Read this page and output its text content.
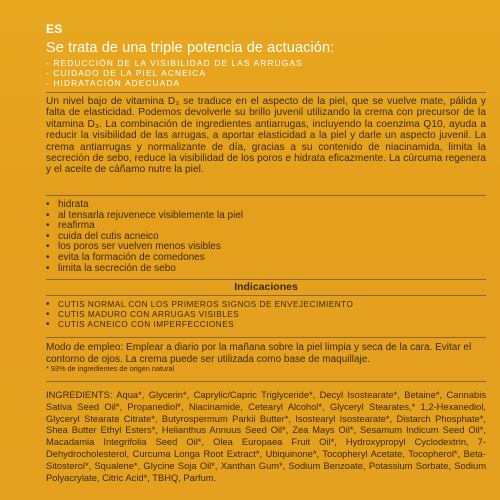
ES
Se trata de una triple potencia de actuación:
- REDUCCIÓN DE LA VISIBILIDAD DE LAS ARRUGAS
- CUIDADO DE LA PIEL ACNEICA
- HIDRATACIÓN ADECUADA
Un nivel bajo de vitamina D₃ se traduce en el aspecto de la piel, que se vuelve mate, pálida y falta de elasticidad. Podemos devolverle su brillo juvenil utilizando la crema con precursor de la vitamina D₃. La combinación de ingredientes antiarrugas, incluyendo la coenzima Q10, ayuda a reducir la visibilidad de las arrugas, a aportar elasticidad a la piel y darle un aspecto juvenil. La crema antiarrugas y normalizante de día, gracias a su contenido de niacinamida, limita la secreción de sebo, reduce la visibilidad de los poros e hidrata eficazmente. La cúrcuma regenera y el aceite de cáñamo nutre la piel.
• hidrata
• al tensarla rejuvenece visiblemente la piel
• reafirma
• cuida del cutis acneico
• los poros ser vuelven menos visibles
• evita la formación de comedones
• limita la secreción de sebo
Indicaciones
• CUTIS NORMAL CON LOS PRIMEROS SIGNOS DE ENVEJECIMIENTO
• CUTIS MADURO CON ARRUGAS VISIBLES
• CUTIS ACNEICO CON IMPERFECCIONES
Modo de empleo: Emplear a diario por la mañana sobre la piel limpia y seca de la cara. Evitar el contorno de ojos. La crema puede ser utilizada como base de maquillaje.
* 93% de ingredientes de origen natural
INGREDIENTS: Aqua*, Glycerin*, Caprylic/Capric Triglyceride*, Decyl Isostearate*, Betaine*, Cannabis Sativa Seed Oil*, Propanediol*, Niacinamide, Cetearyl Alcohol*, Glyceryl Stearates,* 1,2-Hexanediol, Glyceryl Stearate Citrate*, Butyrospermum Parkii Butter*, Isostearyl Isostearate*, Distarch Phosphate*, Shea Butter Ethyl Esters*, Helianthus Annuus Seed Oil*, Zea Mays Oil*, Sesamum Indicum Seed Oil*, Macadamia Integrifolia Seed Oil*, Olea Europaea Fruit Oil*, Hydroxypropyl Cyclodextrin, 7-Dehydrocholesterol, Curcuma Longa Root Extract*, Ubiquinone*, Tocopheryl Acetate, Tocopherol*, Beta-Sitosterol*, Squalene*, Glycine Soja Oil*, Xanthan Gum*, Sodium Benzoate, Potassium Sorbate, Sodium Polyacrylate, Citric Acid*, TBHQ, Parfum.
